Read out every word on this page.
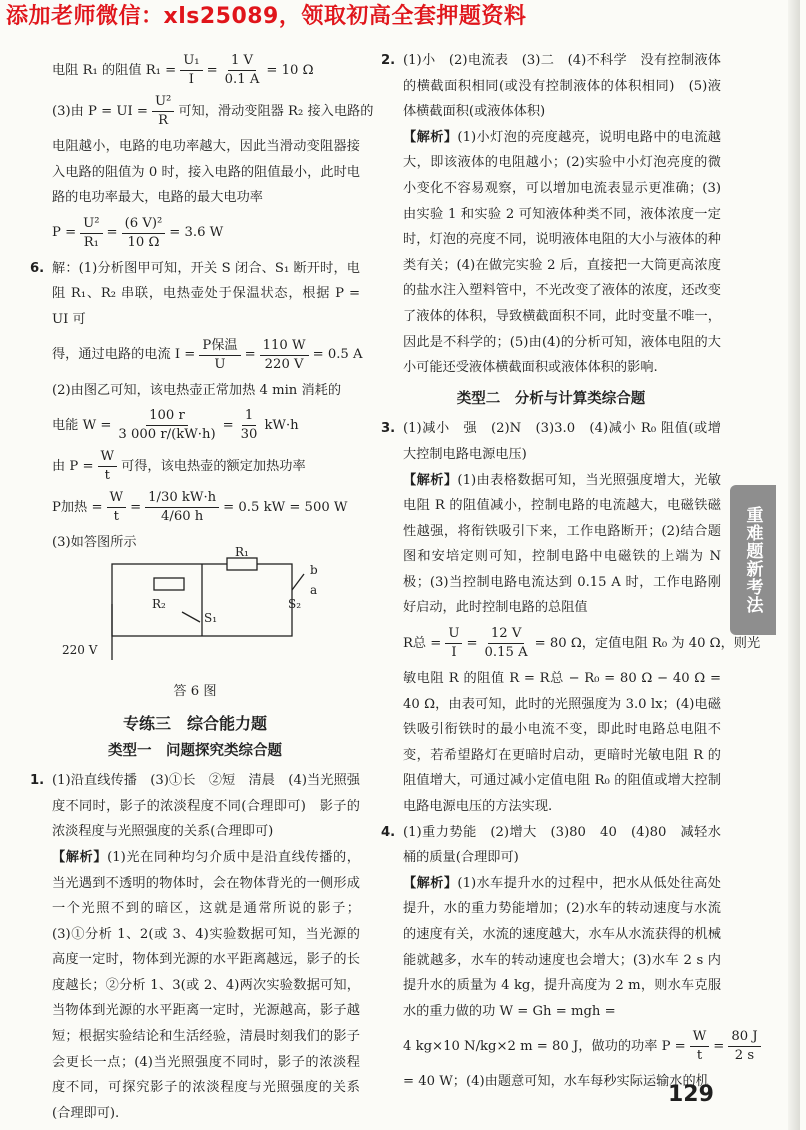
添加老师微信：xls25089，领取初高全套押题资料
电阻 R₁ 的阻值 $R_1 = \frac{\text{U₁}}{I} = \frac{1 V}{0.1 A} = 10$ Ω
(3)由 P = UI = $\frac{\text{U²}}{R}$ 可知，滑动变阻器 R₂ 接入电路的

电阻越小，电路的电功率越大，因此当滑动变阻器接入电路的阻值为 0 时，接入电路的阻值最小，此时电路的电功率最大，电路的最大电功率

$P = \frac{\text{U²}}{\text{R₁}} = \frac{\text{(6 V)²}}{10 \Omega} = 3.6$ W
6. 解：(1)分析图甲可知，开关 S 闭合、S₁ 断开时，电阻 R₁、R₂ 串联，电热壶处于保温状态，根据 P = UI 可

得，通过电路的电流 $I = \frac{\text{P保温}}{U} = \frac{110 W}{220 V} = 0.5$ A

(2)由图乙可知，该电热壶正常加热 4 min 消耗的

电能 $W = \frac{100 r}{3 000 r/(kW\cdot h)} = \frac{1}{30} kW\cdot h$
由 $P = \frac{W}{t}$ 可得，该电热壶的额定加热功率
P加热 = $\frac{W}{t} = \frac{1/30 kW\cdot h}{4/60 h} = 0.5$ kW = 500 W

(3)如答图所示

R₁
R₂
S₁
S₂
b
a
220 V
答 6 图
专练三　综合能力题
类型一　问题探究类综合题
1. (1)沿直线传播　(3)①长　②短　清晨　(4)当光照强度不同时，影子的浓淡程度不同(合理即可)　影子的浓淡程度与光照强度的关系(合理即可)

【解析】(1)光在同种均匀介质中是沿直线传播的，当光遇到不透明的物体时，会在物体背光的一侧形成一个光照不到的暗区，这就是通常所说的影子；(3)①分析 1、2(或 3、4)实验数据可知，当光源的高度一定时，物体到光源的水平距离越远，影子的长度越长；②分析 1、3(或 2、4)两次实验数据可知，当物体到光源的水平距离一定时，光源越高，影子越短；根据实验结论和生活经验，清晨时刻我们的影子会更长一点；(4)当光照强度不同时，影子的浓淡程度不同，可探究影子的浓淡程度与光照强度的关系(合理即可).

2. (1)小　(2)电流表　(3)二　(4)不科学　没有控制液体的横截面积相同(或没有控制液体的体积相同)　(5)液体横截面积(或液体体积)

【解析】(1)小灯泡的亮度越亮，说明电路中的电流越大，即该液体的电阻越小；(2)实验中小灯泡亮度的微小变化不容易观察，可以增加电流表显示更准确；(3)由实验 1 和实验 2 可知液体种类不同，液体浓度一定时，灯泡的亮度不同，说明液体电阻的大小与液体的种类有关；(4)在做完实验 2 后，直接把一大筒更高浓度的盐水注入塑料管中，不光改变了液体的浓度，还改变了液体的体积，导致横截面积不同，此时变量不唯一，因此是不科学的；(5)由(4)的分析可知，液体电阻的大小可能还受液体横截面积或液体体积的影响.

类型二　分析与计算类综合题
3. (1)减小　强　(2)N　(3)3.0　(4)减小 R₀ 阻值(或增大控制电路电源电压)

【解析】(1)由表格数据可知，当光照强度增大，光敏电阻 R 的阻值减小，控制电路的电流越大，电磁铁磁性越强，将衔铁吸引下来，工作电路断开；(2)结合题图和安培定则可知，控制电路中电磁铁的上端为 N 极；(3)当控制电路电流达到 0.15 A 时，工作电路刚好启动，此时控制电路的总阻值

R总 = $\frac{U}{I} = \frac{12 V}{0.15 A} = 80$ Ω，定值电阻 R₀ 为 40 Ω，则光

敏电阻 R 的阻值 R = R总 − R₀ = 80 Ω − 40 Ω = 40 Ω，由表可知，此时的光照强度为 3.0 lx；(4)电磁铁吸引衔铁时的最小电流不变，即此时电路总电阻不变，若希望路灯在更暗时启动，更暗时光敏电阻 R 的阻值增大，可通过减小定值电阻 R₀ 的阻值或增大控制电路电源电压的方法实现.

4. (1)重力势能　(2)增大　(3)80　40　(4)80　减轻水桶的质量(合理即可)

【解析】(1)水车提升水的过程中，把水从低处往高处提升，水的重力势能增加；(2)水车的转动速度与水流的速度有关，水流的速度越大，水车从水流获得的机械能就越多，水车的转动速度也会增大；(3)水车 2 s 内提升水的质量为 4 kg，提升高度为 2 m，则水车克服水的重力做的功 W = Gh = mgh =

4 kg×10 N/kg×2 m = 80 J，做功的功率 $P = \frac{W}{t} = \frac{80 J}{2 s}$

= 40 W；(4)由题意可知，水车每秒实际运输水的机

重难题新考法
129
